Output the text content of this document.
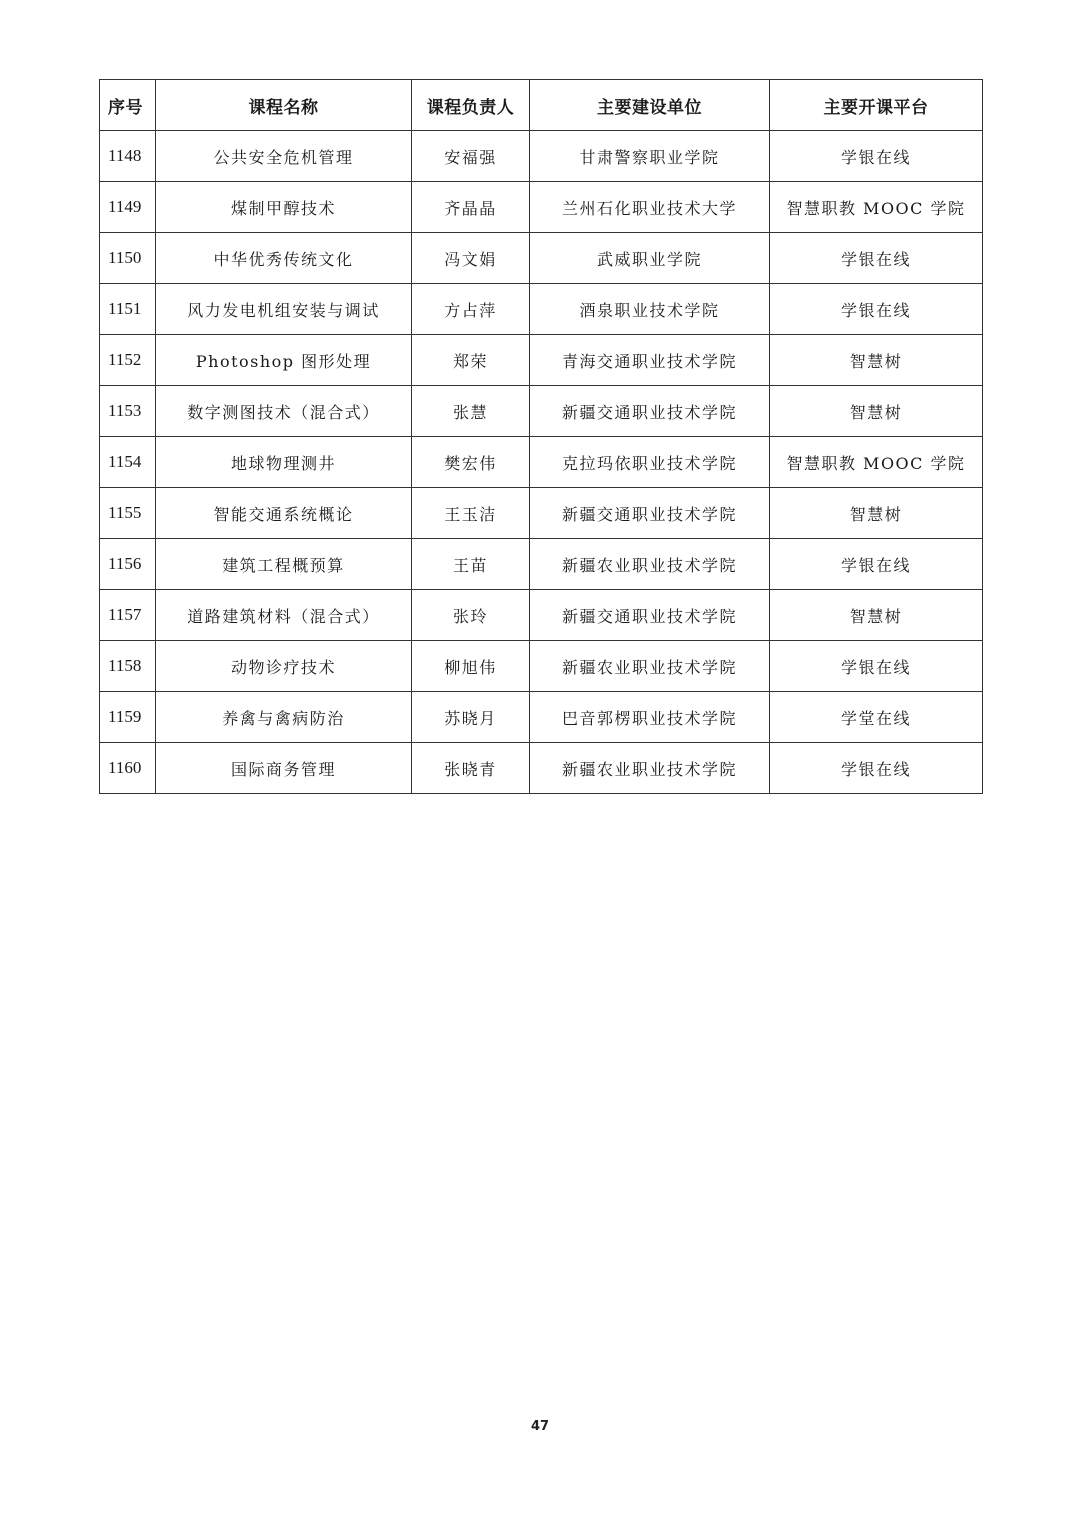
序号	课程名称	课程负责人	主要建设单位	主要开课平台
1148	公共安全危机管理	安福强	甘肃警察职业学院	学银在线
1149	煤制甲醇技术	齐晶晶	兰州石化职业技术大学	智慧职教 MOOC 学院
1150	中华优秀传统文化	冯文娟	武威职业学院	学银在线
1151	风力发电机组安装与调试	方占萍	酒泉职业技术学院	学银在线
1152	Photoshop 图形处理	郑荣	青海交通职业技术学院	智慧树
1153	数字测图技术（混合式）	张慧	新疆交通职业技术学院	智慧树
1154	地球物理测井	樊宏伟	克拉玛依职业技术学院	智慧职教 MOOC 学院
1155	智能交通系统概论	王玉洁	新疆交通职业技术学院	智慧树
1156	建筑工程概预算	王苗	新疆农业职业技术学院	学银在线
1157	道路建筑材料（混合式）	张玲	新疆交通职业技术学院	智慧树
1158	动物诊疗技术	柳旭伟	新疆农业职业技术学院	学银在线
1159	养禽与禽病防治	苏晓月	巴音郭楞职业技术学院	学堂在线
1160	国际商务管理	张晓青	新疆农业职业技术学院	学银在线
47
